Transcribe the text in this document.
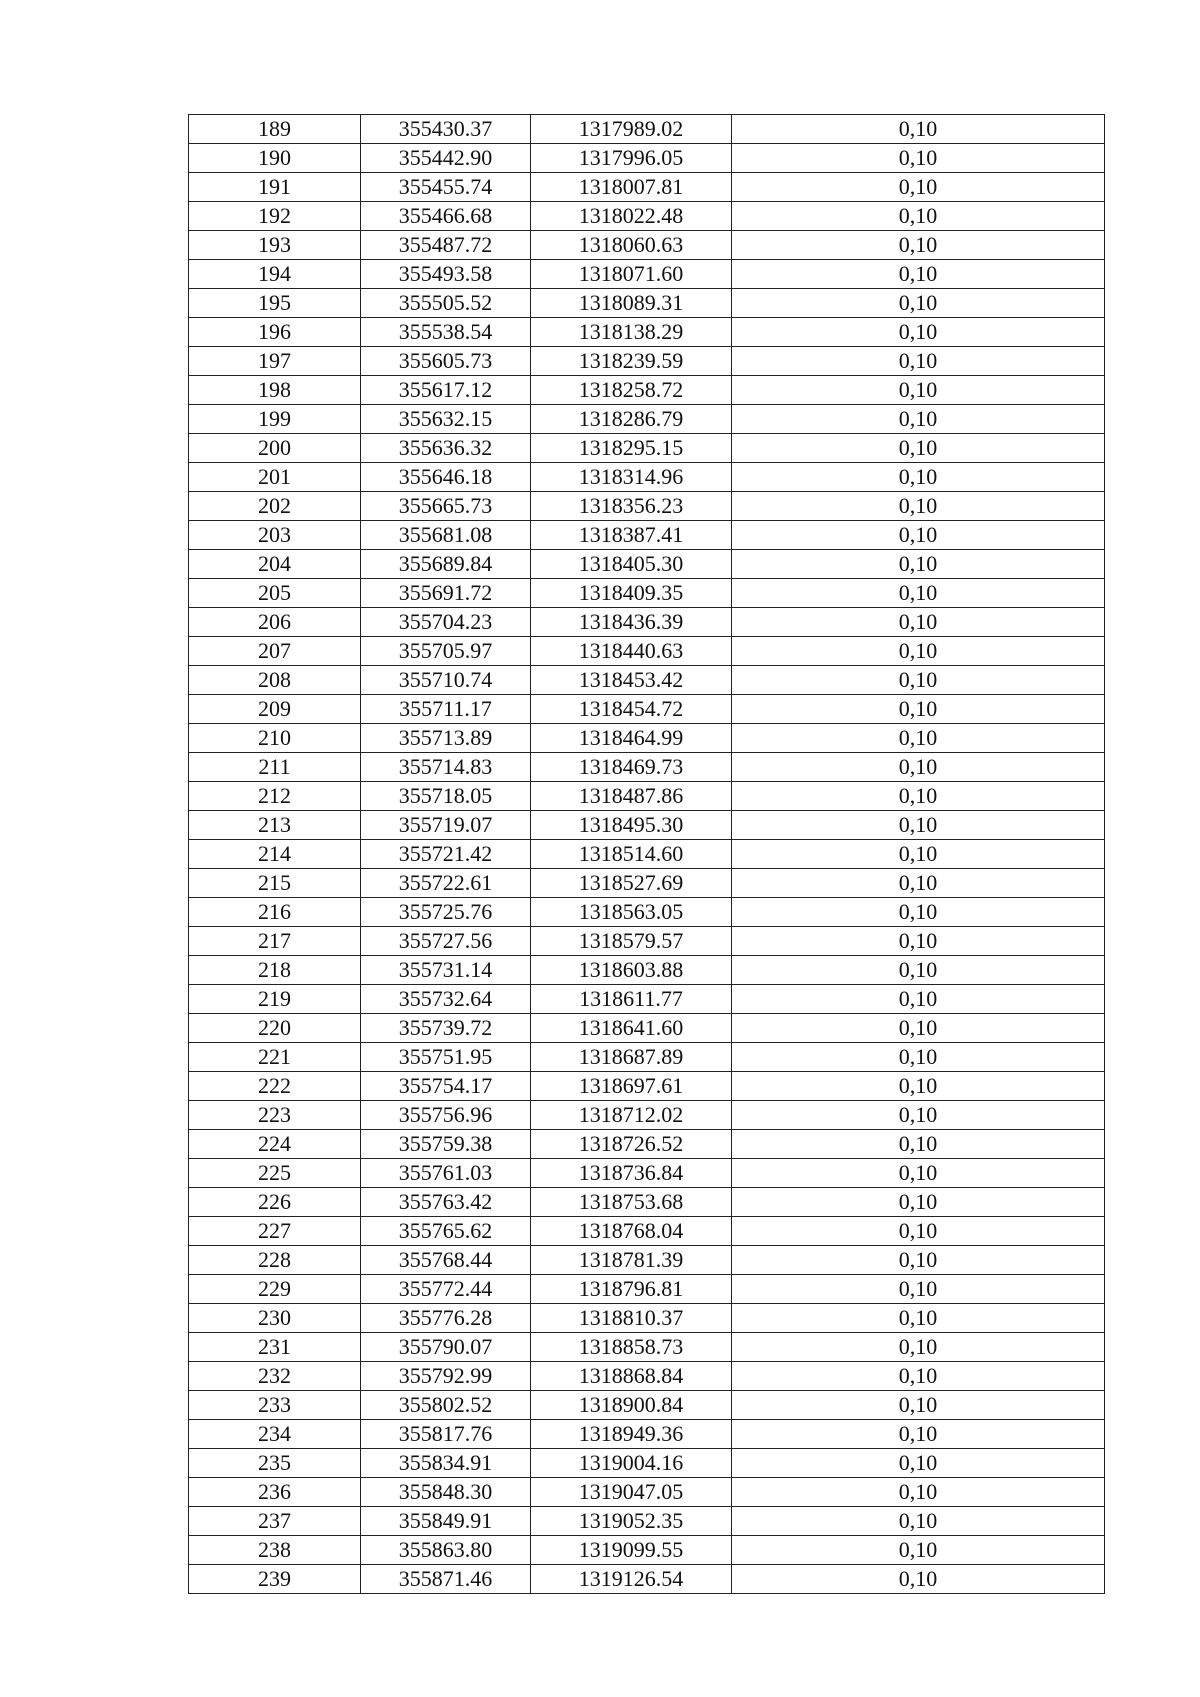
189	355430.37	1317989.02	0,10
190	355442.90	1317996.05	0,10
191	355455.74	1318007.81	0,10
192	355466.68	1318022.48	0,10
193	355487.72	1318060.63	0,10
194	355493.58	1318071.60	0,10
195	355505.52	1318089.31	0,10
196	355538.54	1318138.29	0,10
197	355605.73	1318239.59	0,10
198	355617.12	1318258.72	0,10
199	355632.15	1318286.79	0,10
200	355636.32	1318295.15	0,10
201	355646.18	1318314.96	0,10
202	355665.73	1318356.23	0,10
203	355681.08	1318387.41	0,10
204	355689.84	1318405.30	0,10
205	355691.72	1318409.35	0,10
206	355704.23	1318436.39	0,10
207	355705.97	1318440.63	0,10
208	355710.74	1318453.42	0,10
209	355711.17	1318454.72	0,10
210	355713.89	1318464.99	0,10
211	355714.83	1318469.73	0,10
212	355718.05	1318487.86	0,10
213	355719.07	1318495.30	0,10
214	355721.42	1318514.60	0,10
215	355722.61	1318527.69	0,10
216	355725.76	1318563.05	0,10
217	355727.56	1318579.57	0,10
218	355731.14	1318603.88	0,10
219	355732.64	1318611.77	0,10
220	355739.72	1318641.60	0,10
221	355751.95	1318687.89	0,10
222	355754.17	1318697.61	0,10
223	355756.96	1318712.02	0,10
224	355759.38	1318726.52	0,10
225	355761.03	1318736.84	0,10
226	355763.42	1318753.68	0,10
227	355765.62	1318768.04	0,10
228	355768.44	1318781.39	0,10
229	355772.44	1318796.81	0,10
230	355776.28	1318810.37	0,10
231	355790.07	1318858.73	0,10
232	355792.99	1318868.84	0,10
233	355802.52	1318900.84	0,10
234	355817.76	1318949.36	0,10
235	355834.91	1319004.16	0,10
236	355848.30	1319047.05	0,10
237	355849.91	1319052.35	0,10
238	355863.80	1319099.55	0,10
239	355871.46	1319126.54	0,10
